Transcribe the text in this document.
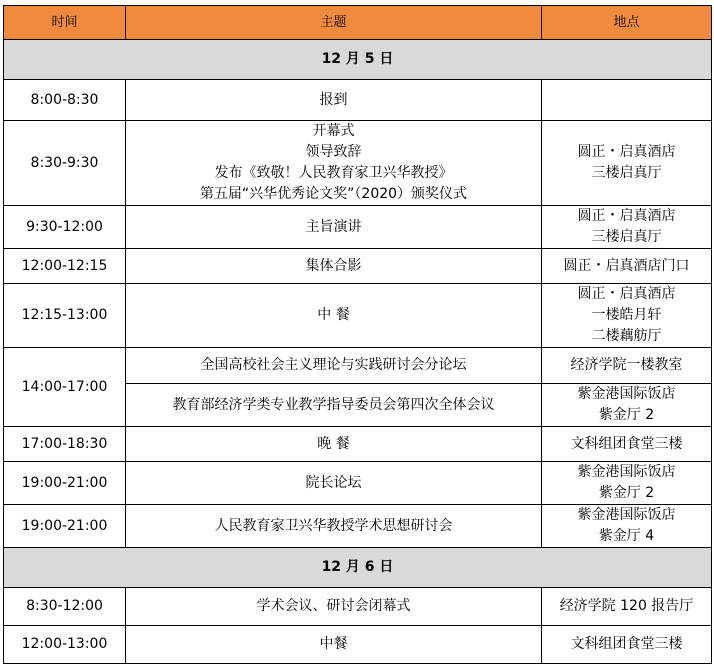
时间	主题	地点
12 月 5 日		
8:00-8:30	报到	

8:30-9:30	开幕式
领导致辞
发布《致敬！人民教育家卫兴华教授》
第五届“兴华优秀论文奖”（2020）颁奖仪式	圆正・启真酒店
三楼启真厅

9:30-12:00	主旨演讲	圆正・启真酒店
三楼启真厅

12:00-12:15	集体合影	圆正・启真酒店门口

12:15-13:00	中 餐	圆正・启真酒店
一楼皓月轩
二楼藕舫厅

14:00-17:00	全国高校社会主义理论与实践研讨会分论坛	经济学院一楼教室

	教育部经济学类专业教学指导委员会第四次全体会议	紫金港国际饭店
紫金厅 2

17:00-18:30	晚 餐	文科组团食堂三楼

19:00-21:00	院长论坛	紫金港国际饭店
紫金厅 2

19:00-21:00	人民教育家卫兴华教授学术思想研讨会	紫金港国际饭店
紫金厅 4

12 月 6 日		
8:30-12:00	学术会议、研讨会闭幕式	经济学院 120 报告厅

12:00-13:00	中餐	文科组团食堂三楼
